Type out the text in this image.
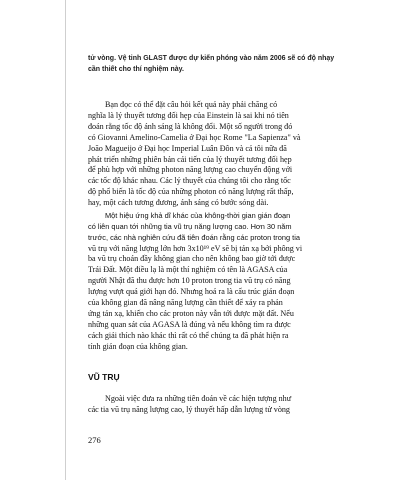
tử vòng. Vệ tinh GLAST được dự kiến phóng vào năm 2006 sẽ có độ nhạy
cần thiết cho thí nghiệm này.
Bạn đọc có thể đặt câu hỏi kết quả này phải chăng có
nghĩa là lý thuyết tương đối hẹp của Einstein là sai khi nó tiên
đoán rằng tốc độ ánh sáng là không đổi. Một số người trong đó
có Giovanni Amelino-Camelia ở Đại học Rome "La Sapienza" và
João Magueijo ở Đại học Imperial Luân Đôn và cả tôi nữa đã
phát triển những phiên bản cải tiến của lý thuyết tương đối hẹp
để phù hợp với những photon năng lượng cao chuyển động với
các tốc độ khác nhau. Các lý thuyết của chúng tôi cho rằng tốc
độ phổ biến là tốc độ của những photon có năng lượng rất thấp,
hay, một cách tương đương, ánh sáng có bước sóng dài.
Một hiệu ứng khả dĩ khác của không-thời gian gián đoạn
có liên quan tới những tia vũ trụ năng lượng cao. Hơn 30 năm
trước, các nhà nghiên cứu đã tiên đoán rằng các proton trong tia
vũ trụ với năng lượng lớn hơn 3x10¹⁹ eV sẽ bị tán xạ bởi phông vi
ba vũ trụ choán đầy không gian cho nên không bao giờ tới được
Trái Đất. Một điều lạ là một thí nghiệm có tên là AGASA của
người Nhật đã thu được hơn 10 proton trong tia vũ trụ có năng
lượng vượt quá giới hạn đó. Nhưng hoá ra là cấu trúc gián đoạn
của không gian đã nâng năng lượng cần thiết để xảy ra phản
ứng tán xạ, khiến cho các proton này vẫn tới được mặt đất. Nếu
những quan sát của AGASA là đúng và nếu không tìm ra được
cách giải thích nào khác thì rất có thể chúng ta đã phát hiện ra
tính gián đoạn của không gian.
VŨ TRỤ
Ngoài việc đưa ra những tiên đoán về các hiện tượng như
các tia vũ trụ năng lượng cao, lý thuyết hấp dẫn lượng tử vòng
276
